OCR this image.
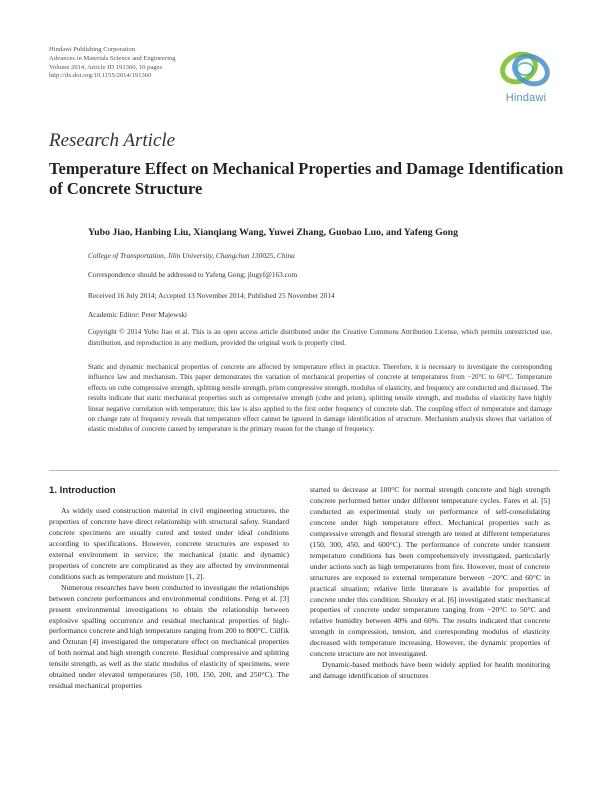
Hindawi Publishing Corporation
Advances in Materials Science and Engineering
Volume 2014, Article ID 191360, 10 pages
http://dx.doi.org/10.1155/2014/191360
Hindawi
Research Article
Temperature Effect on Mechanical Properties and Damage Identification of Concrete Structure
Yubo Jiao, Hanbing Liu, Xianqiang Wang, Yuwei Zhang, Guobao Luo, and Yafeng Gong
College of Transportation, Jilin University, Changchun 130025, China
Correspondence should be addressed to Yafeng Gong; jlugyf@163.com
Received 16 July 2014; Accepted 13 November 2014; Published 25 November 2014
Academic Editor: Peter Majewski
Copyright © 2014 Yubo Jiao et al. This is an open access article distributed under the Creative Commons Attribution License, which permits unrestricted use, distribution, and reproduction in any medium, provided the original work is properly cited.
Static and dynamic mechanical properties of concrete are affected by temperature effect in practice. Therefore, it is necessary to investigate the corresponding influence law and mechanism. This paper demonstrates the variation of mechanical properties of concrete at temperatures from −20°C to 60°C. Temperature effects on cube compressive strength, splitting tensile strength, prism compressive strength, modulus of elasticity, and frequency are conducted and discussed. The results indicate that static mechanical properties such as compressive strength (cube and prism), splitting tensile strength, and modulus of elasticity have highly linear negative correlation with temperature; this law is also applied to the first order frequency of concrete slab. The coupling effect of temperature and damage on change rate of frequency reveals that temperature effect cannot be ignored in damage identification of structure. Mechanism analysis shows that variation of elastic modulus of concrete caused by temperature is the primary reason for the change of frequency.
1. Introduction

As widely used construction material in civil engineering structures, the properties of concrete have direct relationship with structural safety. Standard concrete specimens are usually cured and tested under ideal conditions according to specifications. However, concrete structures are exposed to external environment in service; the mechanical (static and dynamic) properties of concrete are complicated as they are affected by environmental conditions such as temperature and moisture [1, 2].

Numerous researches have been conducted to investigate the relationships between concrete performances and environmental conditions. Peng et al. [3] present environmental investigations to obtain the relationship between explosive spalling occurrence and residual mechanical properties of high-performance concrete and high temperature ranging from 200 to 800°C. Cülfik and Özturan [4] investigated the temperature effect on mechanical properties of both normal and high strength concrete. Residual compressive and splitting tensile strength, as well as the static modulus of elasticity of specimens, were obtained under elevated temperatures (50, 100, 150, 200, and 250°C). The residual mechanical properties

started to decrease at 100°C for normal strength concrete and high strength concrete performed better under different temperature cycles. Fares et al. [5] conducted an experimental study on performance of self-consolidating concrete under high temperature effect. Mechanical properties such as compressive strength and flexural strength are tested at different temperatures (150, 300, 450, and 600°C). The performance of concrete under transient temperature conditions has been comprehensively investigated, particularly under actions such as high temperatures from fire. However, most of concrete structures are exposed to external temperature between −20°C and 60°C in practical situation; relative little literature is available for properties of concrete under this condition. Shoukry et al. [6] investigated static mechanical properties of concrete under temperature ranging from −20°C to 50°C and relative humidity between 40% and 60%. The results indicated that concrete strength in compression, tension, and corresponding modulus of elasticity decreased with temperature increasing. However, the dynamic properties of concrete structure are not investigated.

Dynamic-based methods have been widely applied for health monitoring and damage identification of structures
